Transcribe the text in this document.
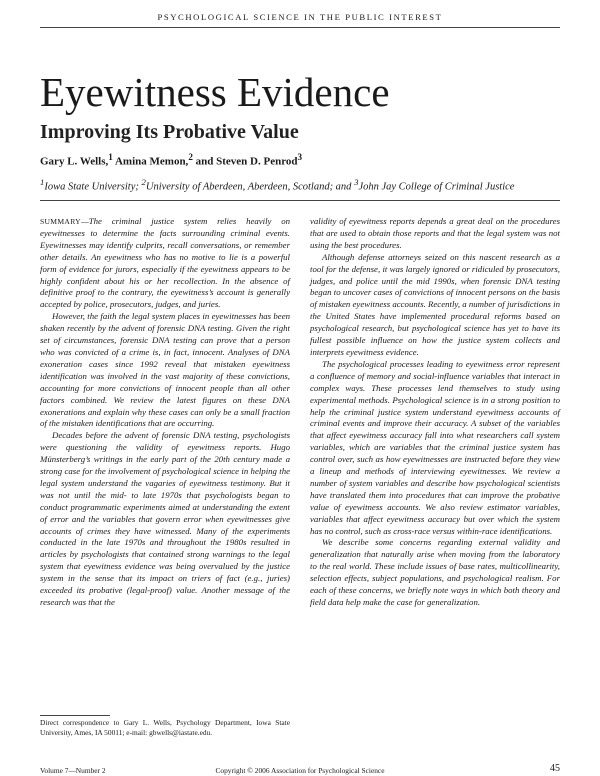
PSYCHOLOGICAL SCIENCE IN THE PUBLIC INTEREST
Eyewitness Evidence
Improving Its Probative Value
Gary L. Wells,$^1$ Amina Memon,$^2$ and Steven D. Penrod$^3$
$^1$Iowa State University; $^2$University of Aberdeen, Aberdeen, Scotland; and $^3$John Jay College of Criminal Justice

SUMMARY—The criminal justice system relies heavily on eyewitnesses to determine the facts surrounding criminal events. Eyewitnesses may identify culprits, recall conversations, or remember other details. An eyewitness who has no motive to lie is a powerful form of evidence for jurors, especially if the eyewitness appears to be highly confident about his or her recollection. In the absence of definitive proof to the contrary, the eyewitness’s account is generally accepted by police, prosecutors, judges, and juries.

However, the faith the legal system places in eyewitnesses has been shaken recently by the advent of forensic DNA testing. Given the right set of circumstances, forensic DNA testing can prove that a person who was convicted of a crime is, in fact, innocent. Analyses of DNA exoneration cases since 1992 reveal that mistaken eyewitness identification was involved in the vast majority of these convictions, accounting for more convictions of innocent people than all other factors combined. We review the latest figures on these DNA exonerations and explain why these cases can only be a small fraction of the mistaken identifications that are occurring.

Decades before the advent of forensic DNA testing, psychologists were questioning the validity of eyewitness reports. Hugo Münsterberg’s writings in the early part of the 20th century made a strong case for the involvement of psychological science in helping the legal system understand the vagaries of eyewitness testimony. But it was not until the mid- to late 1970s that psychologists began to conduct programmatic experiments aimed at understanding the extent of error and the variables that govern error when eyewitnesses give accounts of crimes they have witnessed. Many of the experiments conducted in the late 1970s and throughout the 1980s resulted in articles by psychologists that contained strong warnings to the legal system that eyewitness evidence was being overvalued by the justice system in the sense that its impact on triers of fact (e.g., juries) exceeded its probative (legal-proof) value. Another message of the research was that the

validity of eyewitness reports depends a great deal on the procedures that are used to obtain those reports and that the legal system was not using the best procedures.

Although defense attorneys seized on this nascent research as a tool for the defense, it was largely ignored or ridiculed by prosecutors, judges, and police until the mid 1990s, when forensic DNA testing began to uncover cases of convictions of innocent persons on the basis of mistaken eyewitness accounts. Recently, a number of jurisdictions in the United States have implemented procedural reforms based on psychological research, but psychological science has yet to have its fullest possible influence on how the justice system collects and interprets eyewitness evidence.

The psychological processes leading to eyewitness error represent a confluence of memory and social-influence variables that interact in complex ways. These processes lend themselves to study using experimental methods. Psychological science is in a strong position to help the criminal justice system understand eyewitness accounts of criminal events and improve their accuracy. A subset of the variables that affect eyewitness accuracy fall into what researchers call system variables, which are variables that the criminal justice system has control over, such as how eyewitnesses are instructed before they view a lineup and methods of interviewing eyewitnesses. We review a number of system variables and describe how psychological scientists have translated them into procedures that can improve the probative value of eyewitness accounts. We also review estimator variables, variables that affect eyewitness accuracy but over which the system has no control, such as cross-race versus within-race identifications.

We describe some concerns regarding external validity and generalization that naturally arise when moving from the laboratory to the real world. These include issues of base rates, multicollinearity, selection effects, subject populations, and psychological realism. For each of these concerns, we briefly note ways in which both theory and field data help make the case for generalization.

Direct correspondence to Gary L. Wells, Psychology Department, Iowa State University, Ames, IA 50011; e-mail: gbwells@iastate.edu.
Volume 7—Number 2	Copyright © 2006 Association for Psychological Science	45
